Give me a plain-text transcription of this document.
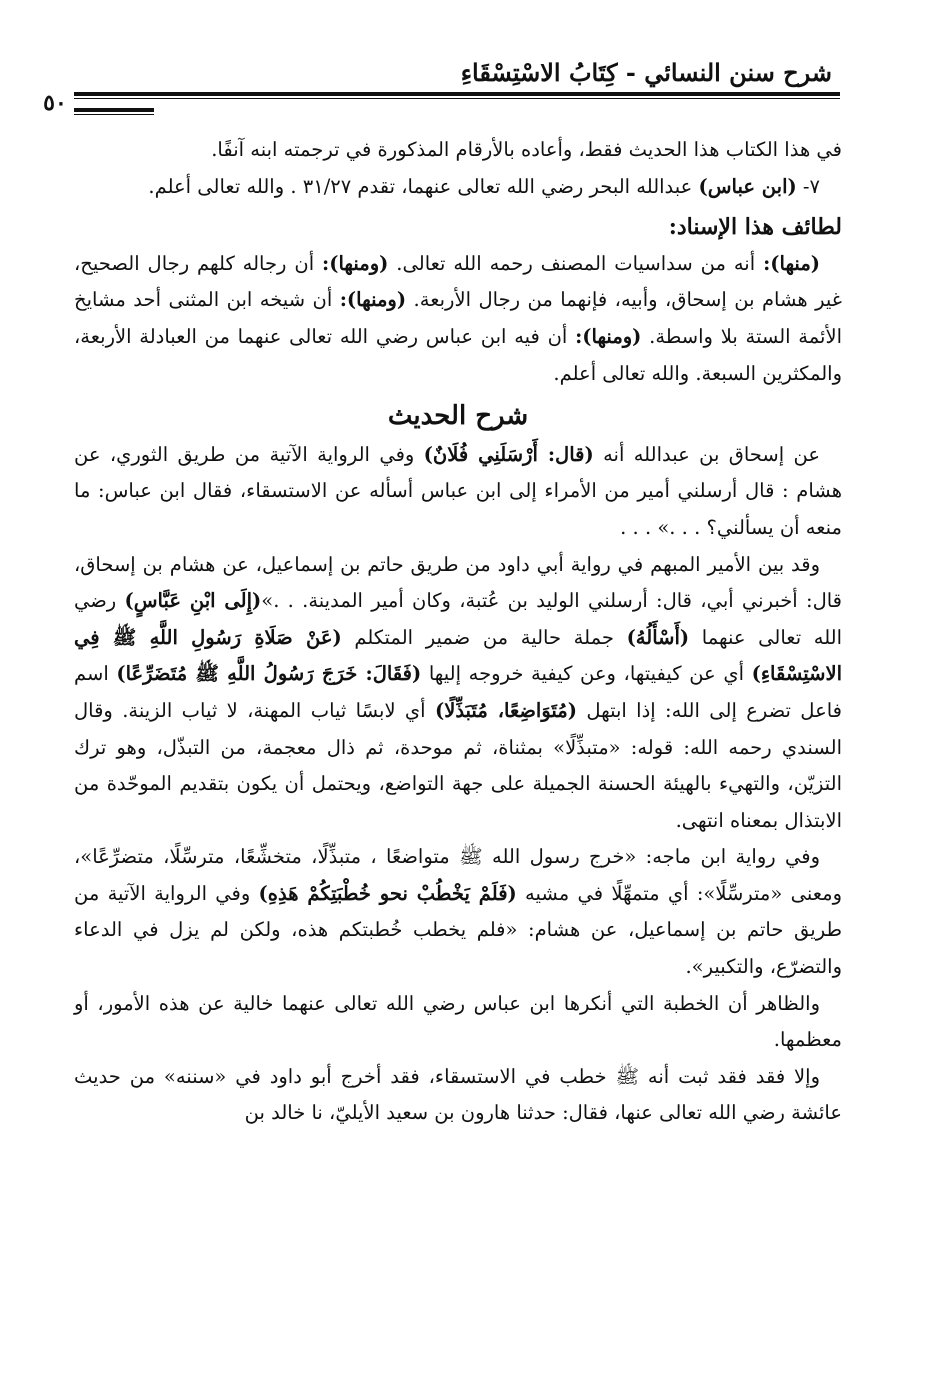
شرح سنن النسائي - كِتَابُ الاسْتِسْقَاءِ
٥٠

في هذا الكتاب هذا الحديث فقط، وأعاده بالأرقام المذكورة في ترجمته ابنه آنفًا.

٧- (ابن عباس) عبدالله البحر رضي الله تعالى عنهما، تقدم ٣١/٢٧ . والله تعالى أعلم.

لطائف هذا الإسناد:

(منها): أنه من سداسيات المصنف رحمه الله تعالى. (ومنها): أن رجاله كلهم رجال الصحيح، غير هشام بن إسحاق، وأبيه، فإنهما من رجال الأربعة. (ومنها): أن شيخه ابن المثنى أحد مشايخ الأئمة الستة بلا واسطة. (ومنها): أن فيه ابن عباس رضي الله تعالى عنهما من العبادلة الأربعة، والمكثرين السبعة. والله تعالى أعلم.

شرح الحديث

عن إسحاق بن عبدالله أنه (قال: أَرْسَلَنِي فُلَانٌ) وفي الرواية الآتية من طريق الثوري، عن هشام : قال أرسلني أمير من الأمراء إلى ابن عباس أسأله عن الاستسقاء، فقال ابن عباس: ما منعه أن يسألني؟ . . .» . . .

وقد بين الأمير المبهم في رواية أبي داود من طريق حاتم بن إسماعيل، عن هشام بن إسحاق، قال: أخبرني أبي، قال: أرسلني الوليد بن عُتبة، وكان أمير المدينة. . .»(إِلَى ابْنِ عَبَّاسٍ) رضي الله تعالى عنهما (أَسْأَلُهُ) جملة حالية من ضمير المتكلم (عَنْ صَلَاةِ رَسُولِ اللَّهِ ﷺ فِي الاسْتِسْقَاءِ) أي عن كيفيتها، وعن كيفية خروجه إليها (فَقَالَ: خَرَجَ رَسُولُ اللَّهِ ﷺ مُتَضَرِّعًا) اسم فاعل تضرع إلى الله: إذا ابتهل (مُتَوَاضِعًا، مُتَبَذِّلًا) أي لابسًا ثياب المهنة، لا ثياب الزينة. وقال السندي رحمه الله: قوله: «متبذِّلًا» بمثناة، ثم موحدة، ثم ذال معجمة، من التبذّل، وهو ترك التزيّن، والتهيء بالهيئة الحسنة الجميلة على جهة التواضع، ويحتمل أن يكون بتقديم الموحّدة من الابتذال بمعناه انتهى.

وفي رواية ابن ماجه: «خرج رسول الله ﷺ متواضعًا ، متبذِّلًا، متخشِّعًا، مترسِّلًا، متضرِّعًا»، ومعنى «مترسِّلًا»: أي متمهِّلًا في مشيه (فَلَمْ يَخْطُبْ نحو خُطْبَتِكُمْ هَذِهِ) وفي الرواية الآتية من طريق حاتم بن إسماعيل، عن هشام: «فلم يخطب خُطبتكم هذه، ولكن لم يزل في الدعاء والتضرّع، والتكبير».

والظاهر أن الخطبة التي أنكرها ابن عباس رضي الله تعالى عنهما خالية عن هذه الأمور، أو معظمها.

وإلا فقد فقد ثبت أنه ﷺ خطب في الاستسقاء، فقد أخرج أبو داود في «سننه» من حديث عائشة رضي الله تعالى عنها، فقال: حدثنا هارون بن سعيد الأيليّ، نا خالد بن
